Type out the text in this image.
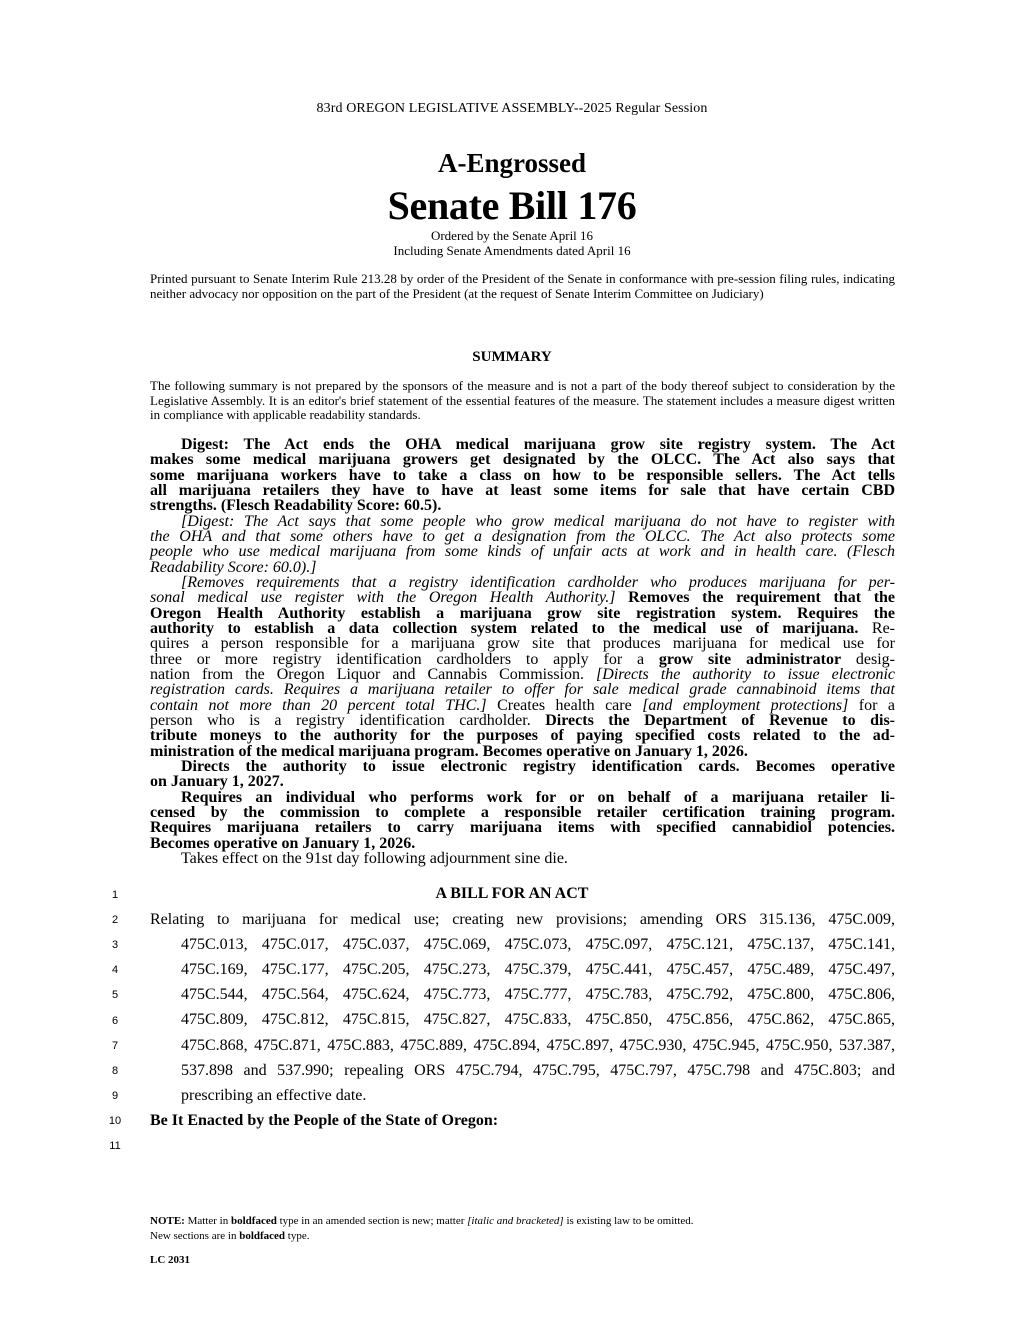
83rd OREGON LEGISLATIVE ASSEMBLY--2025 Regular Session
A-Engrossed
Senate Bill 176
Ordered by the Senate April 16
Including Senate Amendments dated April 16
Printed pursuant to Senate Interim Rule 213.28 by order of the President of the Senate in conformance with pre-session filing rules, indicating neither advocacy nor opposition on the part of the President (at the request of Senate Interim Committee on Judiciary)
SUMMARY
The following summary is not prepared by the sponsors of the measure and is not a part of the body thereof subject to consideration by the Legislative Assembly. It is an editor's brief statement of the essential features of the measure. The statement includes a measure digest written in compliance with applicable readability standards.
Digest: The Act ends the OHA medical marijuana grow site registry system. The Act
makes some medical marijuana growers get designated by the OLCC. The Act also says that
some marijuana workers have to take a class on how to be responsible sellers. The Act tells
all marijuana retailers they have to have at least some items for sale that have certain CBD
strengths. (Flesch Readability Score: 60.5).
[Digest: The Act says that some people who grow medical marijuana do not have to register with
the OHA and that some others have to get a designation from the OLCC. The Act also protects some
people who use medical marijuana from some kinds of unfair acts at work and in health care. (Flesch
Readability Score: 60.0).]
[Removes requirements that a registry identification cardholder who produces marijuana for per-
sonal medical use register with the Oregon Health Authority.] Removes the requirement that the
Oregon Health Authority establish a marijuana grow site registration system. Requires the
authority to establish a data collection system related to the medical use of marijuana. Re-
quires a person responsible for a marijuana grow site that produces marijuana for medical use for
three or more registry identification cardholders to apply for a grow site administrator desig-
nation from the Oregon Liquor and Cannabis Commission. [Directs the authority to issue electronic
registration cards. Requires a marijuana retailer to offer for sale medical grade cannabinoid items that
contain not more than 20 percent total THC.] Creates health care [and employment protections] for a
person who is a registry identification cardholder. Directs the Department of Revenue to dis-
tribute moneys to the authority for the purposes of paying specified costs related to the ad-
ministration of the medical marijuana program. Becomes operative on January 1, 2026.
Directs the authority to issue electronic registry identification cards. Becomes operative
on January 1, 2027.
Requires an individual who performs work for or on behalf of a marijuana retailer li-
censed by the commission to complete a responsible retailer certification training program.
Requires marijuana retailers to carry marijuana items with specified cannabidiol potencies.
Becomes operative on January 1, 2026.
Takes effect on the 91st day following adjournment sine die.
A BILL FOR AN ACT
1
2
3
4
5
6
7
8
9
10
11
Relating to marijuana for medical use; creating new provisions; amending ORS 315.136, 475C.009,
475C.013, 475C.017, 475C.037, 475C.069, 475C.073, 475C.097, 475C.121, 475C.137, 475C.141,
475C.169, 475C.177, 475C.205, 475C.273, 475C.379, 475C.441, 475C.457, 475C.489, 475C.497,
475C.544, 475C.564, 475C.624, 475C.773, 475C.777, 475C.783, 475C.792, 475C.800, 475C.806,
475C.809, 475C.812, 475C.815, 475C.827, 475C.833, 475C.850, 475C.856, 475C.862, 475C.865,
475C.868, 475C.871, 475C.883, 475C.889, 475C.894, 475C.897, 475C.930, 475C.945, 475C.950, 537.387,
537.898 and 537.990; repealing ORS 475C.794, 475C.795, 475C.797, 475C.798 and 475C.803; and
prescribing an effective date.
Be It Enacted by the People of the State of Oregon:
NOTE: Matter in boldfaced type in an amended section is new; matter [italic and bracketed] is existing law to be omitted.
New sections are in boldfaced type.
LC 2031
